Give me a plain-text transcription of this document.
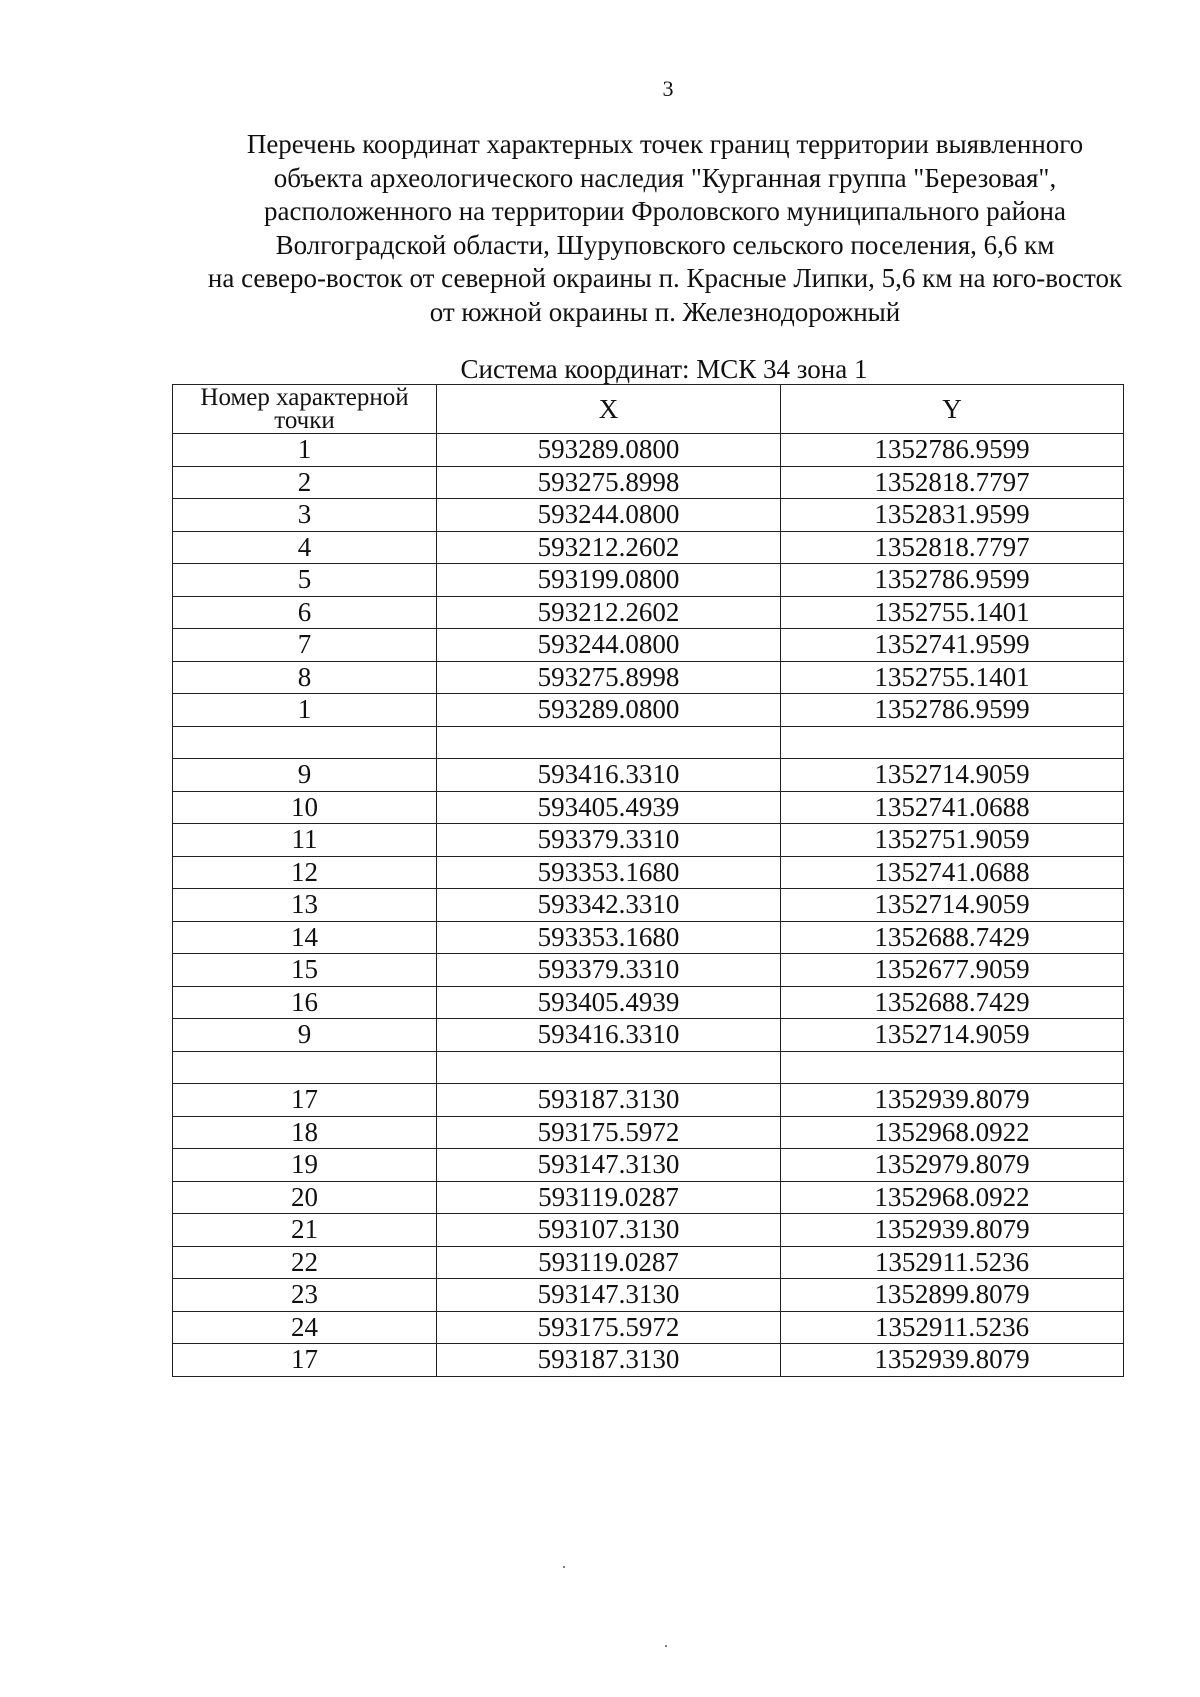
3
Перечень координат характерных точек границ территории выявленного
объекта археологического наследия "Курганная группа "Березовая",
расположенного на территории Фроловского муниципального района
Волгоградской области, Шуруповского сельского поселения, 6,6 км
на северо-восток от северной окраины п. Красные Липки, 5,6 км на юго-восток
от южной окраины п. Железнодорожный
Система координат: МСК 34 зона 1
Номер характерной
точки	X	Y
1	593289.0800	1352786.9599
2	593275.8998	1352818.7797
3	593244.0800	1352831.9599
4	593212.2602	1352818.7797
5	593199.0800	1352786.9599
6	593212.2602	1352755.1401
7	593244.0800	1352741.9599
8	593275.8998	1352755.1401
1	593289.0800	1352786.9599

9	593416.3310	1352714.9059
10	593405.4939	1352741.0688
11	593379.3310	1352751.9059
12	593353.1680	1352741.0688
13	593342.3310	1352714.9059
14	593353.1680	1352688.7429
15	593379.3310	1352677.9059
16	593405.4939	1352688.7429
9	593416.3310	1352714.9059

17	593187.3130	1352939.8079
18	593175.5972	1352968.0922
19	593147.3130	1352979.8079
20	593119.0287	1352968.0922
21	593107.3130	1352939.8079
22	593119.0287	1352911.5236
23	593147.3130	1352899.8079
24	593175.5972	1352911.5236
17	593187.3130	1352939.8079
